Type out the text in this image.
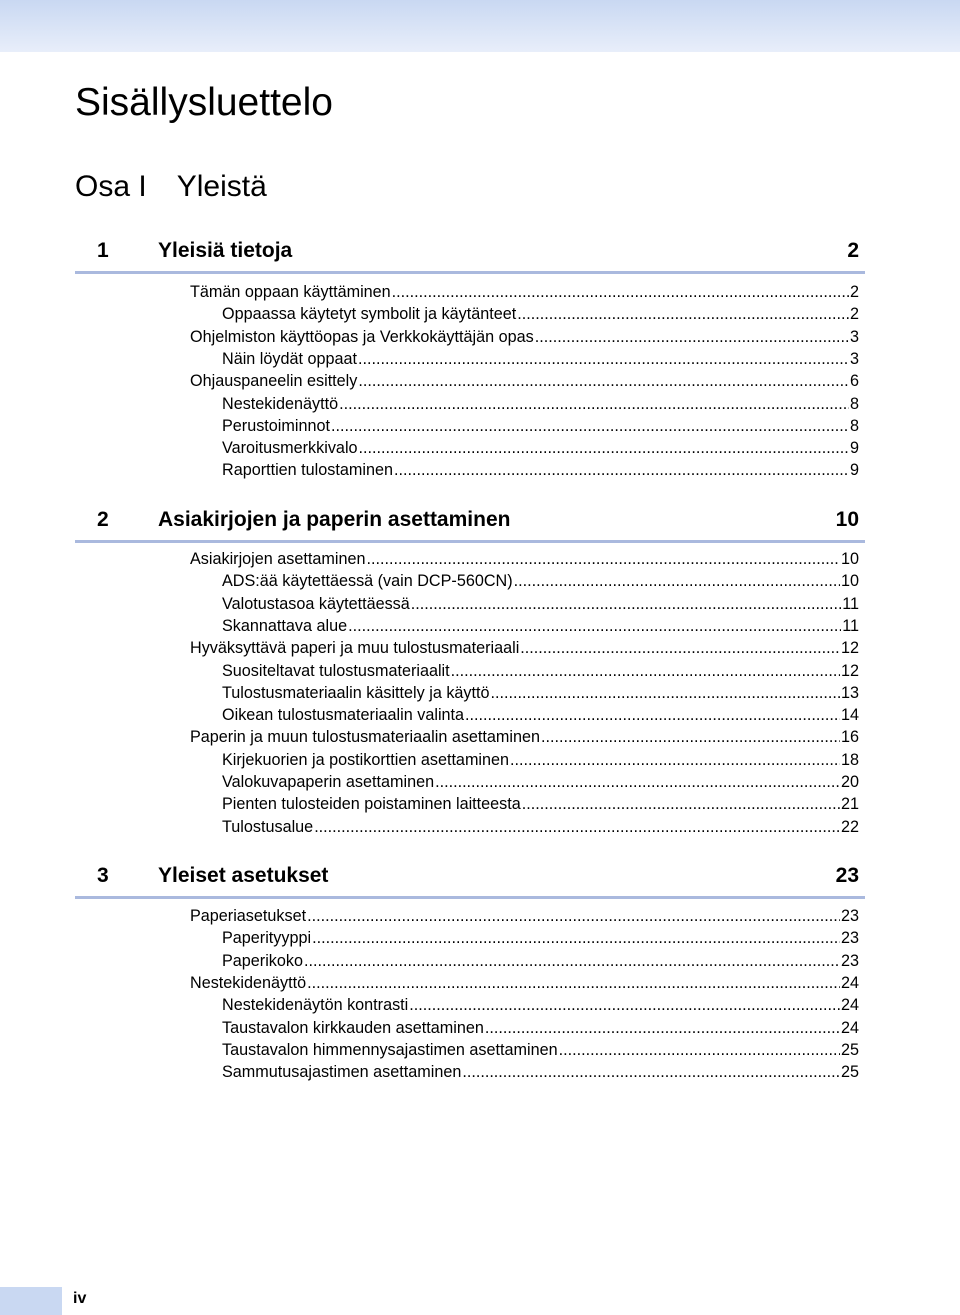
Sisällysluettelo
Osa I Yleistä
1 Yleisiä tietoja	2
Tämän oppaan käyttäminen .....	2
Oppaassa käytetyt symbolit ja käytänteet .....	2
Ohjelmiston käyttöopas ja Verkkokäyttäjän opas .....	3
Näin löydät oppaat .....	3
Ohjauspaneelin esittely .....	6
Nestekidenäyttö .....	8
Perustoiminnot .....	8
Varoitusmerkkivalo .....	9
Raporttien tulostaminen .....	9
2 Asiakirjojen ja paperin asettaminen	10
Asiakirjojen asettaminen .....	10
ADS:ää käytettäessä (vain DCP-560CN) .....	10
Valotustasoa käytettäessä .....	11
Skannattava alue .....	11
Hyväksyttävä paperi ja muu tulostusmateriaali .....	12
Suositeltavat tulostusmateriaalit .....	12
Tulostusmateriaalin käsittely ja käyttö .....	13
Oikean tulostusmateriaalin valinta .....	14
Paperin ja muun tulostusmateriaalin asettaminen .....	16
Kirjekuorien ja postikorttien asettaminen .....	18
Valokuvapaperin asettaminen .....	20
Pienten tulosteiden poistaminen laitteesta .....	21
Tulostusalue .....	22
3 Yleiset asetukset	23
Paperiasetukset .....	23
Paperityyppi .....	23
Paperikoko .....	23
Nestekidenäyttö .....	24
Nestekidenäytön kontrasti .....	24
Taustavalon kirkkauden asettaminen .....	24
Taustavalon himmennysajastimen asettaminen .....	25
Sammutusajastimen asettaminen .....	25
iv
